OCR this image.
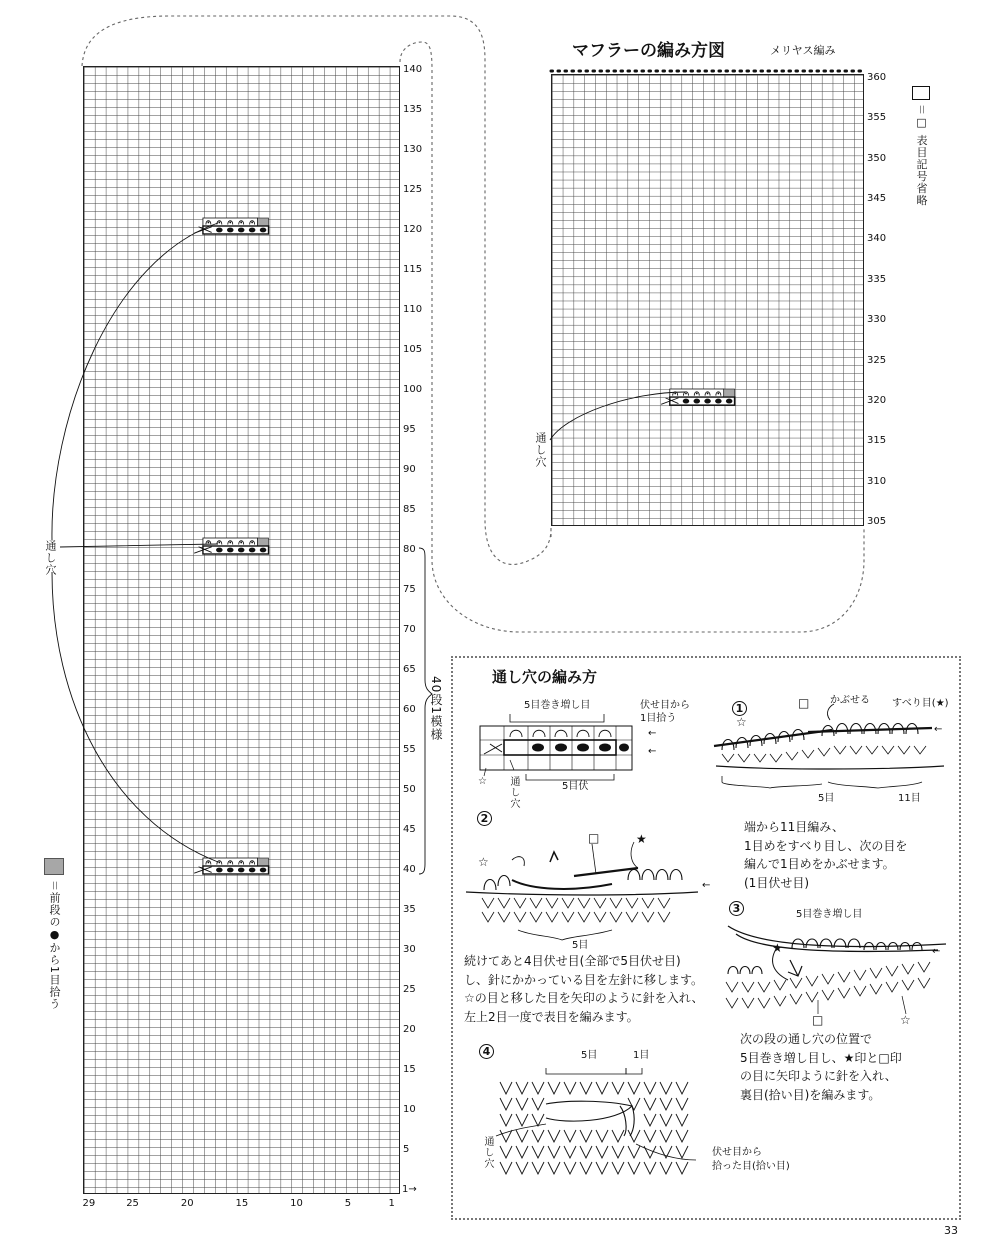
140
135
130
125
120
115
110
105
100
95
90
85
80
75
70
65
60
55
50
45
40
35
30
25
20
15
10
5
29	25	20	15	10	5	1
1→
通し穴
40段1模様
＝前段の●から1目拾う
マフラーの編み方図	メリヤス編み
360
355
350
345
340
335
330
325
320
315
310
305
通し穴
＝□ 表目記号省略
通し穴の編み方
5目巻き増し目	伏せ目から
1目拾う
←
←
☆ 通し穴	5目伏
1	□ かぶせる すべり目(★)
☆
←
5目	11目
端から11目編み、
1目めをすべり目し、次の目を
編んで1目めをかぶせます。
(1目伏せ目)
2
□	★
☆
←
5目
続けてあと4目伏せ目(全部で5目伏せ目)
し、針にかかっている目を左針に移します。
☆の目と移した目を矢印のように針を入れ、
左上2目一度で表目を編みます。
3	5目巻き増し目
★	←
□	☆
次の段の通し穴の位置で
5目巻き増し目し、★印と□印
の目に矢印ように針を入れ、
裏目(拾い目)を編みます。
4	5目	1目
通し穴	伏せ目から
拾った目(拾い目)
33
